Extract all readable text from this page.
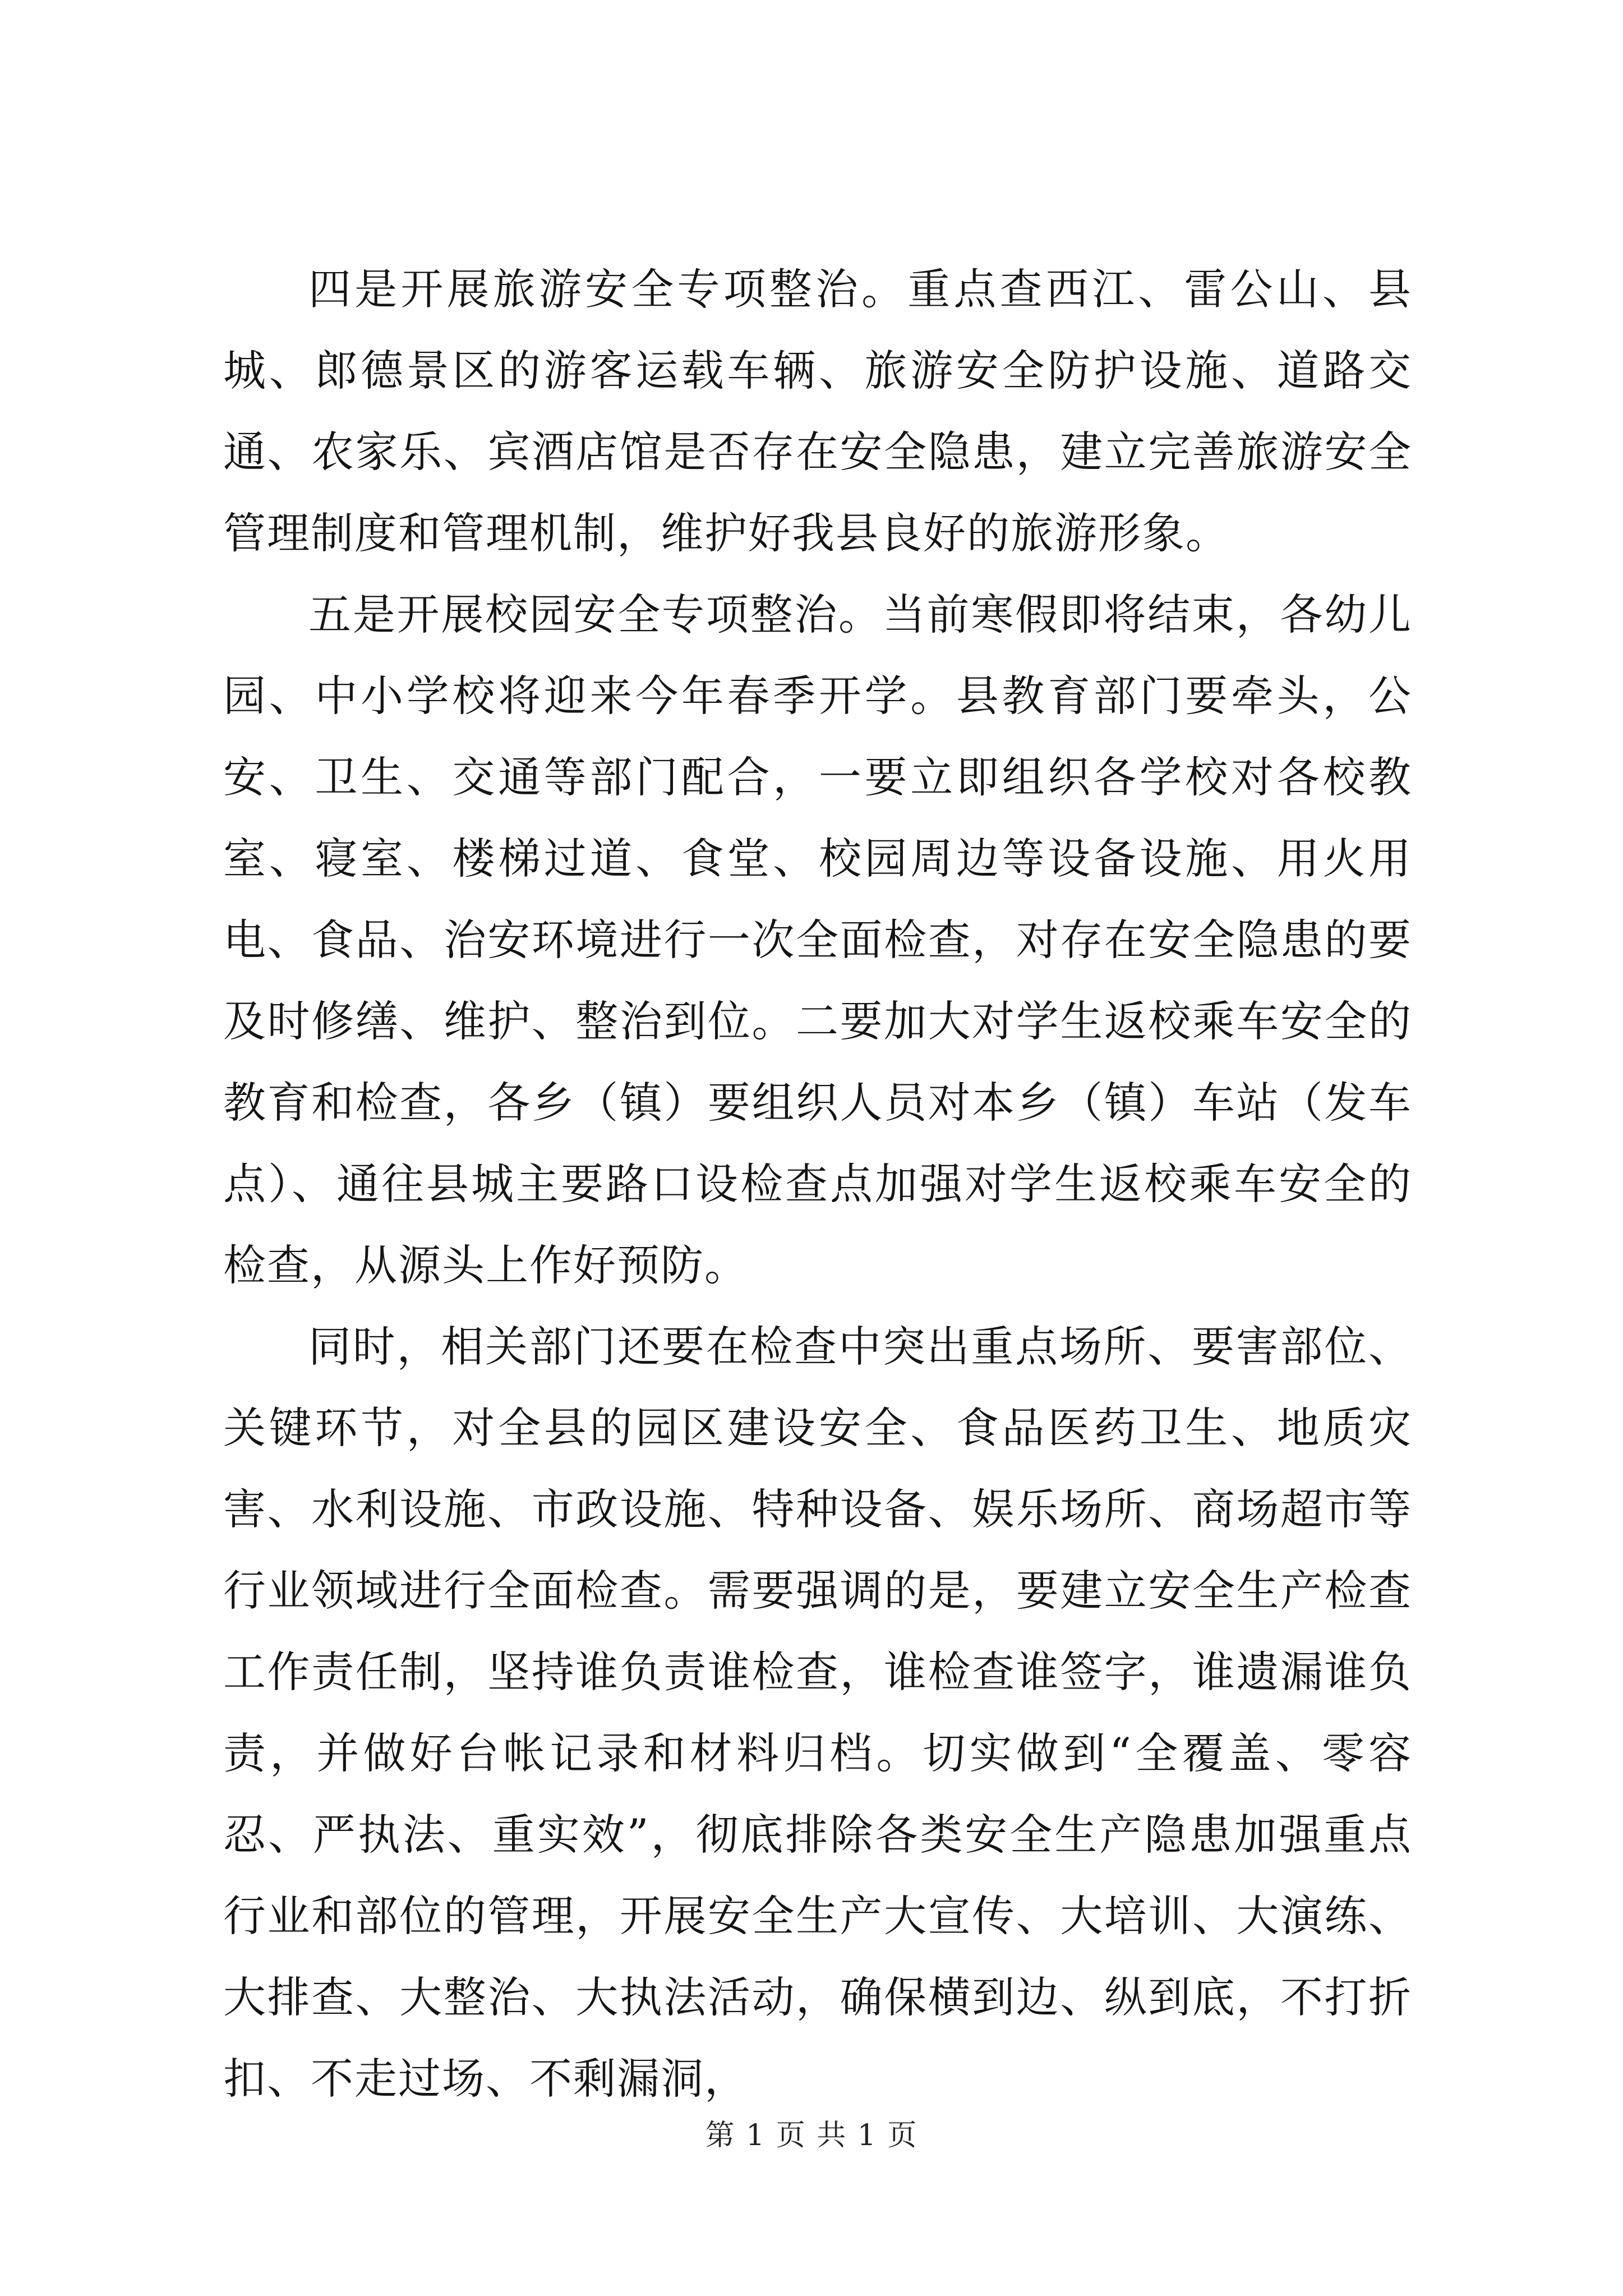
四是开展旅游安全专项整治。重点查西江、雷公山、县城、郎德景区的游客运载车辆、旅游安全防护设施、道路交通、农家乐、宾酒店馆是否存在安全隐患，建立完善旅游安全管理制度和管理机制，维护好我县良好的旅游形象。

五是开展校园安全专项整治。当前寒假即将结束，各幼儿园、中小学校将迎来今年春季开学。县教育部门要牵头，公安、卫生、交通等部门配合，一要立即组织各学校对各校教室、寝室、楼梯过道、食堂、校园周边等设备设施、用火用电、食品、治安环境进行一次全面检查，对存在安全隐患的要及时修缮、维护、整治到位。二要加大对学生返校乘车安全的教育和检查，各乡（镇）要组织人员对本乡（镇）车站（发车点）、通往县城主要路口设检查点加强对学生返校乘车安全的检查，从源头上作好预防。

同时，相关部门还要在检查中突出重点场所、要害部位、关键环节，对全县的园区建设安全、食品医药卫生、地质灾害、水利设施、市政设施、特种设备、娱乐场所、商场超市等行业领域进行全面检查。需要强调的是，要建立安全生产检查工作责任制，坚持谁负责谁检查，谁检查谁签字，谁遗漏谁负责，并做好台帐记录和材料归档。切实做到“全覆盖、零容忍、严执法、重实效”，彻底排除各类安全生产隐患加强重点行业和部位的管理，开展安全生产大宣传、大培训、大演练、大排查、大整治、大执法活动，确保横到边、纵到底，不打折扣、不走过场、不剩漏洞，

第 1 页 共 1 页
